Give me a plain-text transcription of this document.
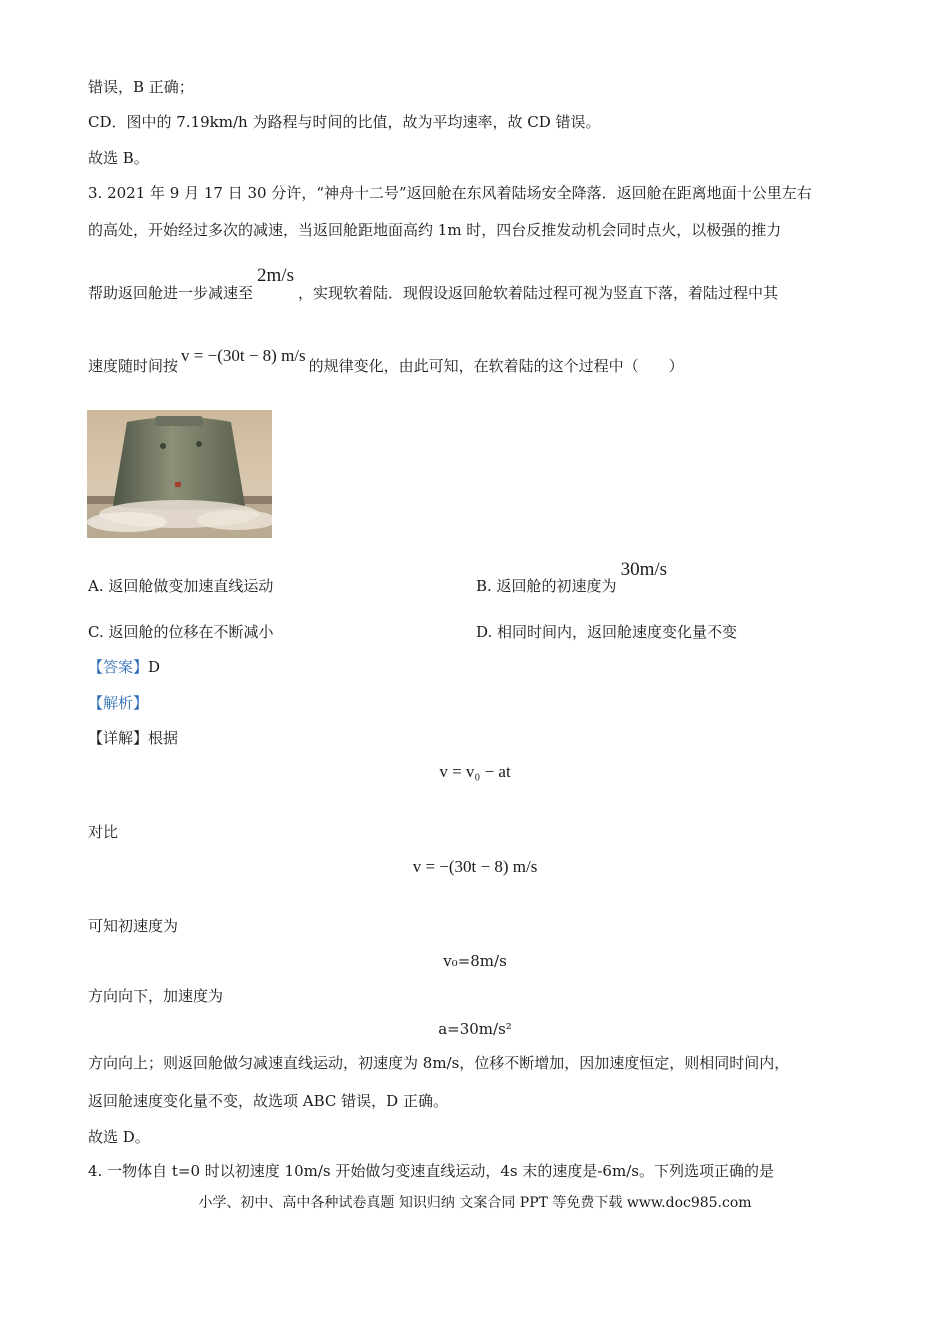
错误，B 正确；
CD．图中的 7.19km/h 为路程与时间的比值，故为平均速率，故 CD 错误。
故选 B。
3. 2021 年 9 月 17 日 30 分许，“神舟十二号”返回舱在东风着陆场安全降落．返回舱在距离地面十公里左右
的高处，开始经过多次的减速，当返回舱距地面高约 1m 时，四台反推发动机会同时点火，以极强的推力
帮助返回舱进一步减速至2m/s，实现软着陆．现假设返回舱软着陆过程可视为竖直下落，着陆过程中其
速度随时间按v = −(30t − 8) m/s的规律变化，由此可知，在软着陆的这个过程中（　　）
A. 返回舱做变加速直线运动	B. 返回舱的初速度为30m/s
C. 返回舱的位移在不断减小	D. 相同时间内，返回舱速度变化量不变
【答案】D
【解析】
【详解】根据
v = v₀ − at
对比
v = −(30t − 8) m/s
可知初速度为
v₀=8m/s
方向向下，加速度为
a=30m/s²
方向向上；则返回舱做匀减速直线运动，初速度为 8m/s，位移不断增加，因加速度恒定，则相同时间内，
返回舱速度变化量不变，故选项 ABC 错误，D 正确。
故选 D。
4. 一物体自 t=0 时以初速度 10m/s 开始做匀变速直线运动，4s 末的速度是-6m/s。下列选项正确的是
小学、初中、高中各种试卷真题 知识归纳 文案合同 PPT 等免费下载 www.doc985.com
